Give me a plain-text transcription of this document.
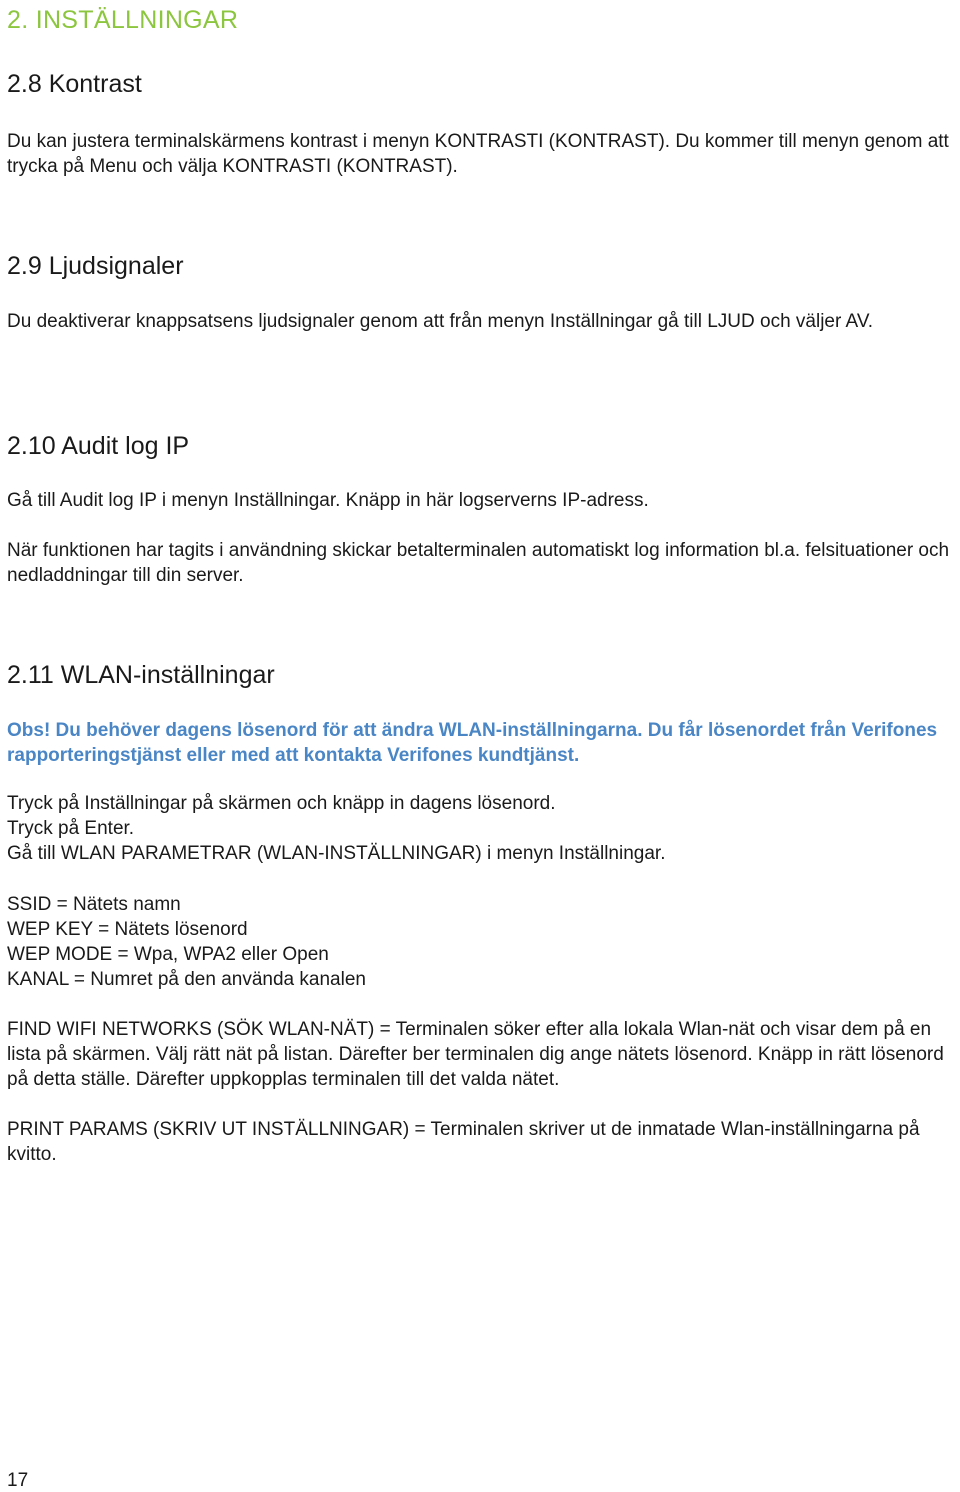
2. INSTÄLLNINGAR
2.8 Kontrast

Du kan justera terminalskärmens kontrast i menyn KONTRASTI (KONTRAST). Du kommer till menyn genom att trycka på Menu och välja KONTRASTI (KONTRAST).

2.9 Ljudsignaler

Du deaktiverar knappsatsens ljudsignaler genom att från menyn Inställningar gå till LJUD och väljer AV.

2.10 Audit log IP

Gå till Audit log IP i menyn Inställningar. Knäpp in här logserverns IP-adress.

När funktionen har tagits i användning skickar betalterminalen automatiskt log information bl.a. felsituationer och nedladdningar till din server.

2.11 WLAN-inställningar

Obs! Du behöver dagens lösenord för att ändra WLAN-inställningarna. Du får lösenordet från Verifones rapporteringstjänst eller med att kontakta Verifones kundtjänst.

Tryck på Inställningar på skärmen och knäpp in dagens lösenord.
Tryck på Enter.
Gå till WLAN PARAMETRAR (WLAN-INSTÄLLNINGAR) i menyn Inställningar.
SSID = Nätets namn
WEP KEY = Nätets lösenord
WEP MODE = Wpa, WPA2 eller Open
KANAL = Numret på den använda kanalen

FIND WIFI NETWORKS (SÖK WLAN-NÄT) = Terminalen söker efter alla lokala Wlan-nät och visar dem på en lista på skärmen. Välj rätt nät på listan. Därefter ber terminalen dig ange nätets lösenord. Knäpp in rätt lösenord på detta ställe. Därefter uppkopplas terminalen till det valda nätet.

PRINT PARAMS (SKRIV UT INSTÄLLNINGAR) = Terminalen skriver ut de inmatade Wlan-inställningarna på kvitto.

17
